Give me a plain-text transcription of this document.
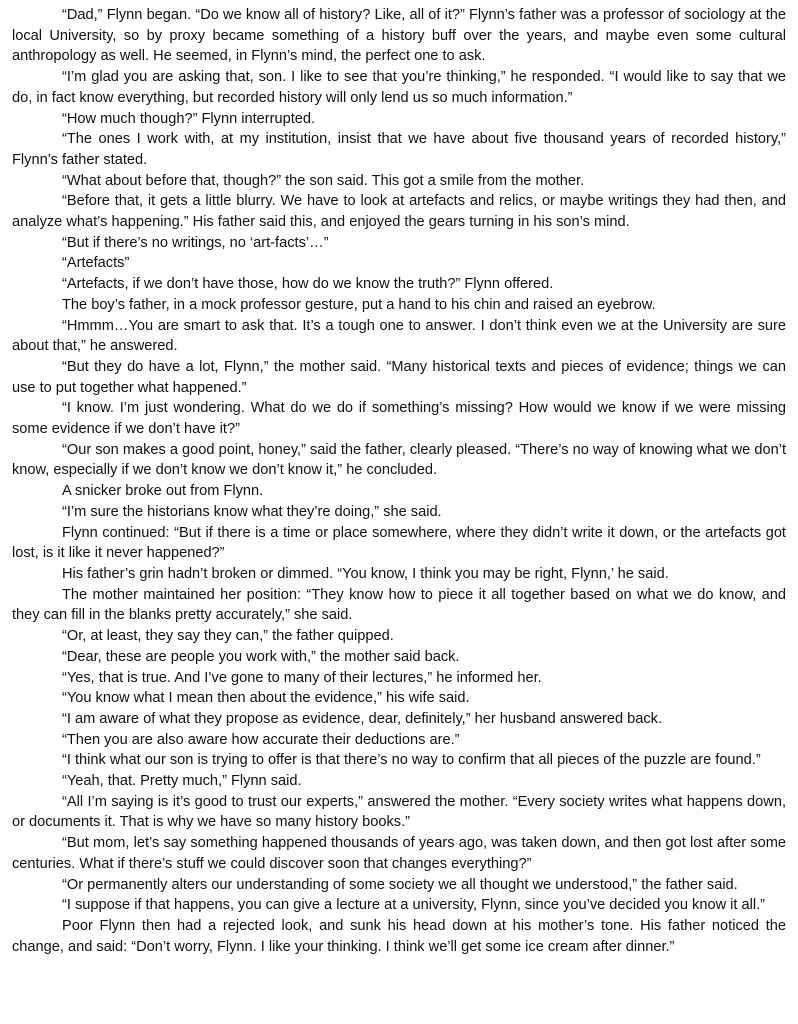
“Dad,” Flynn began. “Do we know all of history? Like, all of it?” Flynn’s father was a professor of sociology at the local University, so by proxy became something of a history buff over the years, and maybe even some cultural anthropology as well. He seemed, in Flynn’s mind, the perfect one to ask.

“I’m glad you are asking that, son. I like to see that you’re thinking,” he responded. “I would like to say that we do, in fact know everything, but recorded history will only lend us so much information.”

“How much though?” Flynn interrupted.

“The ones I work with, at my institution, insist that we have about five thousand years of recorded history,” Flynn’s father stated.

“What about before that, though?” the son said. This got a smile from the mother.

“Before that, it gets a little blurry. We have to look at artefacts and relics, or maybe writings they had then, and analyze what’s happening.” His father said this, and enjoyed the gears turning in his son’s mind.

“But if there’s no writings, no ‘art-facts’…”

“Artefacts”

“Artefacts, if we don’t have those, how do we know the truth?” Flynn offered.

The boy’s father, in a mock professor gesture, put a hand to his chin and raised an eyebrow.

“Hmmm…You are smart to ask that. It’s a tough one to answer. I don’t think even we at the University are sure about that,” he answered.

“But they do have a lot, Flynn,” the mother said. “Many historical texts and pieces of evidence; things we can use to put together what happened.”

“I know. I’m just wondering. What do we do if something’s missing? How would we know if we were missing some evidence if we don’t have it?”

“Our son makes a good point, honey,” said the father, clearly pleased. “There’s no way of knowing what we don’t know, especially if we don’t know we don’t know it,” he concluded.

A snicker broke out from Flynn.

“I’m sure the historians know what they’re doing,” she said.

Flynn continued: “But if there is a time or place somewhere, where they didn’t write it down, or the artefacts got lost, is it like it never happened?”

His father’s grin hadn’t broken or dimmed. “You know, I think you may be right, Flynn,’ he said.

The mother maintained her position: “They know how to piece it all together based on what we do know, and they can fill in the blanks pretty accurately,” she said.

“Or, at least, they say they can,” the father quipped.

“Dear, these are people you work with,” the mother said back.

“Yes, that is true. And I’ve gone to many of their lectures,” he informed her.

“You know what I mean then about the evidence,” his wife said.

“I am aware of what they propose as evidence, dear, definitely,” her husband answered back.

“Then you are also aware how accurate their deductions are.”

“I think what our son is trying to offer is that there’s no way to confirm that all pieces of the puzzle are found.”

“Yeah, that. Pretty much,” Flynn said.

“All I’m saying is it’s good to trust our experts,” answered the mother. “Every society writes what happens down, or documents it. That is why we have so many history books.”

“But mom, let’s say something happened thousands of years ago, was taken down, and then got lost after some centuries. What if there’s stuff we could discover soon that changes everything?”

“Or permanently alters our understanding of some society we all thought we understood,” the father said.

“I suppose if that happens, you can give a lecture at a university, Flynn, since you’ve decided you know it all.”

Poor Flynn then had a rejected look, and sunk his head down at his mother’s tone. His father noticed the change, and said: “Don’t worry, Flynn. I like your thinking. I think we’ll get some ice cream after dinner.”
